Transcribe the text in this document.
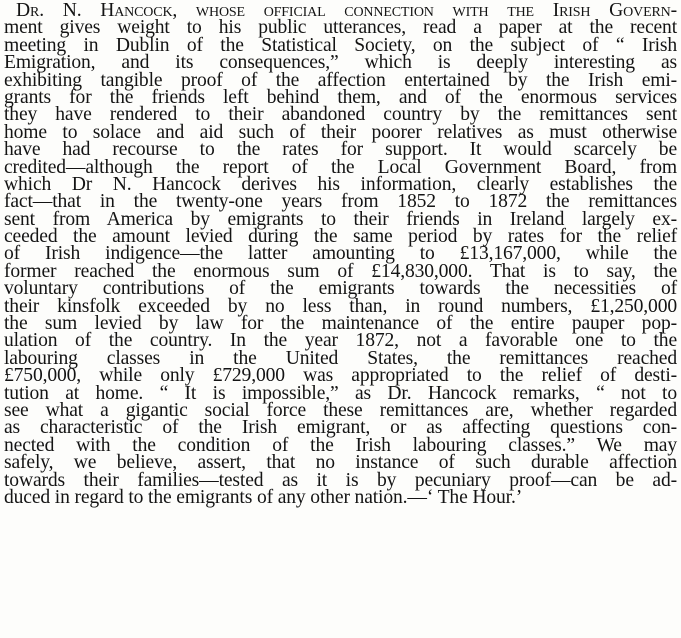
Dr. N. Hancock, whose official connection with the Irish Govern-
ment gives weight to his public utterances, read a paper at the recent
meeting in Dublin of the Statistical Society, on the subject of “ Irish
Emigration, and its consequences,” which is deeply interesting as
exhibiting tangible proof of the affection entertained by the Irish emi-
grants for the friends left behind them, and of the enormous services
they have rendered to their abandoned country by the remittances sent
home to solace and aid such of their poorer relatives as must otherwise
have had recourse to the rates for support. It would scarcely be
credited—although the report of the Local Government Board, from
which Dr N. Hancock derives his information, clearly establishes the
fact—that in the twenty-one years from 1852 to 1872 the remittances
sent from America by emigrants to their friends in Ireland largely ex-
ceeded the amount levied during the same period by rates for the relief
of Irish indigence—the latter amounting to £13,167,000, while the
former reached the enormous sum of £14,830,000. That is to say, the
voluntary contributions of the emigrants towards the necessities of
their kinsfolk exceeded by no less than, in round numbers, £1,250,000
the sum levied by law for the maintenance of the entire pauper pop-
ulation of the country. In the year 1872, not a favorable one to the
labouring classes in the United States, the remittances reached
£750,000, while only £729,000 was appropriated to the relief of desti-
tution at home. “ It is impossible,” as Dr. Hancock remarks, “ not to
see what a gigantic social force these remittances are, whether regarded
as characteristic of the Irish emigrant, or as affecting questions con-
nected with the condition of the Irish labouring classes.” We may
safely, we believe, assert, that no instance of such durable affection
towards their families—tested as it is by pecuniary proof—can be ad-
duced in regard to the emigrants of any other nation.—‘ The Hour.’
